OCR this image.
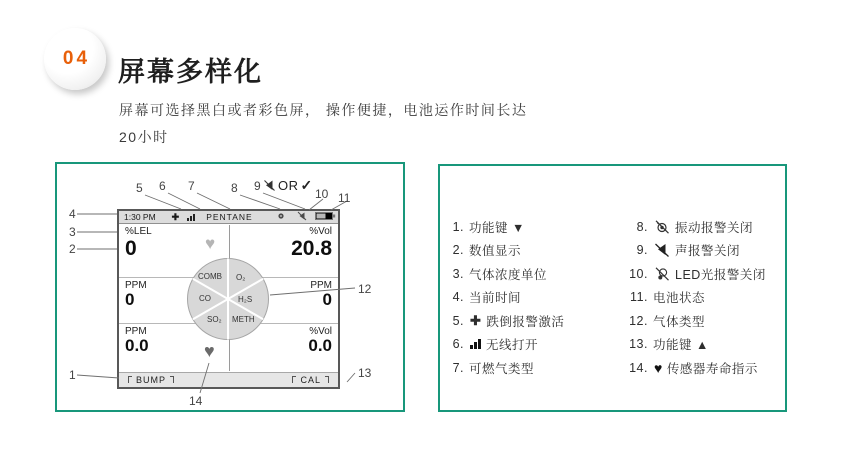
04	屏幕多样化
屏幕可选择黑白或者彩色屏， 操作便捷，电池运作时间长达
20小时
1:30 PM ✚	PENTANE
%LEL
0
%Vol
20.8
PPM
0
PPM
0
PPM
0.0
%Vol
0.0
♥
♥
COMB O₂
CO	H₂S
SO₂ METH
BUMP	CAL
1
2
3
4
5 6 7	8 9
10 11
12
13
14
OR ✓
1. 功能键 ▼
2. 数值显示
3. 气体浓度单位
4. 当前时间
5. ✚ 跌倒报警激活
6. 无线打开
7. 可燃气类型
8. 振动报警关闭
9. 声报警关闭
10. LED光报警关闭
11. 电池状态
12. 气体类型
13. 功能键 ▲
14. ♥ 传感器寿命指示
